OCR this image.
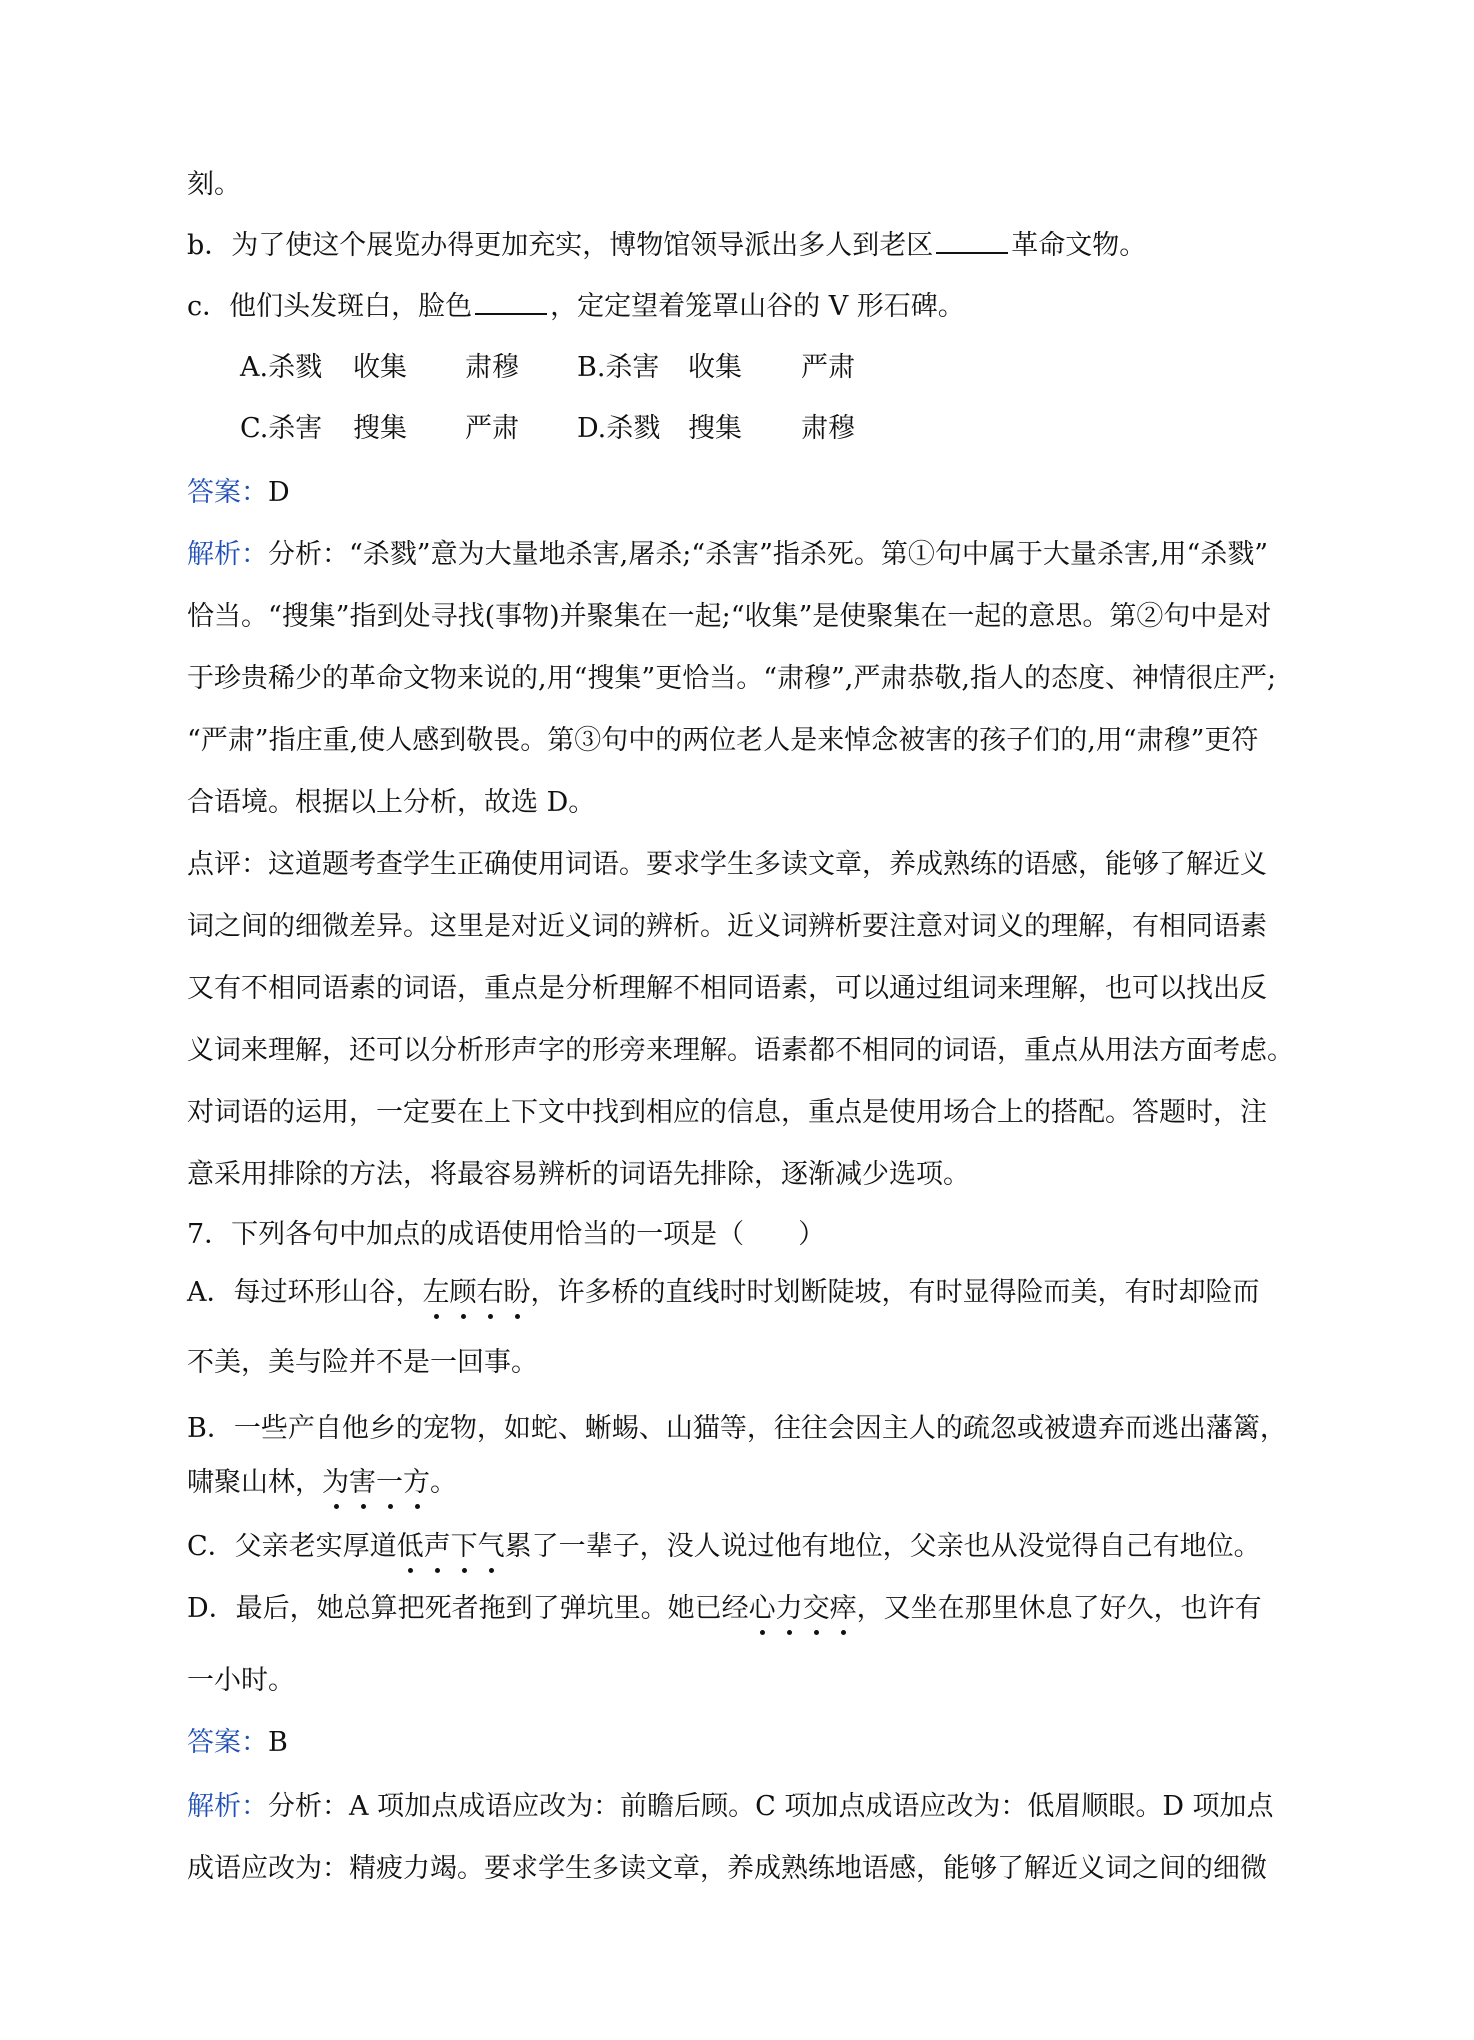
刻。
b．为了使这个展览办得更加充实，博物馆领导派出多人到老区	革命文物。
c．他们头发斑白，脸色	，定定望着笼罩山谷的 V 形石碑。
A.杀戮 收集 肃穆 B.杀害 收集 严肃
C.杀害 搜集 严肃 D.杀戮 搜集 肃穆
答案：D
解析：分析：“杀戮”意为大量地杀害,屠杀;“杀害”指杀死。第①句中属于大量杀害,用“杀戮”
恰当。“搜集”指到处寻找(事物)并聚集在一起;“收集”是使聚集在一起的意思。第②句中是对
于珍贵稀少的革命文物来说的,用“搜集”更恰当。“肃穆”,严肃恭敬,指人的态度、神情很庄严;
“严肃”指庄重,使人感到敬畏。第③句中的两位老人是来悼念被害的孩子们的,用“肃穆”更符
合语境。根据以上分析，故选 D。
点评：这道题考查学生正确使用词语。要求学生多读文章，养成熟练的语感，能够了解近义
词之间的细微差异。这里是对近义词的辨析。近义词辨析要注意对词义的理解，有相同语素
又有不相同语素的词语，重点是分析理解不相同语素，可以通过组词来理解，也可以找出反
义词来理解，还可以分析形声字的形旁来理解。语素都不相同的词语，重点从用法方面考虑。
对词语的运用，一定要在上下文中找到相应的信息，重点是使用场合上的搭配。答题时，注
意采用排除的方法，将最容易辨析的词语先排除，逐渐减少选项。
7．下列各句中加点的成语使用恰当的一项是（　　）
A．每过环形山谷，左顾右盼，许多桥的直线时时划断陡坡，有时显得险而美，有时却险而
不美，美与险并不是一回事。
B．一些产自他乡的宠物，如蛇、蜥蜴、山猫等，往往会因主人的疏忽或被遗弃而逃出藩篱，
啸聚山林，为害一方。
C．父亲老实厚道低声下气累了一辈子，没人说过他有地位，父亲也从没觉得自己有地位。
D．最后，她总算把死者拖到了弹坑里。她已经心力交瘁，又坐在那里休息了好久，也许有
一小时。
答案：B
解析：分析：A 项加点成语应改为：前瞻后顾。C 项加点成语应改为：低眉顺眼。D 项加点
成语应改为：精疲力竭。要求学生多读文章，养成熟练地语感，能够了解近义词之间的细微
